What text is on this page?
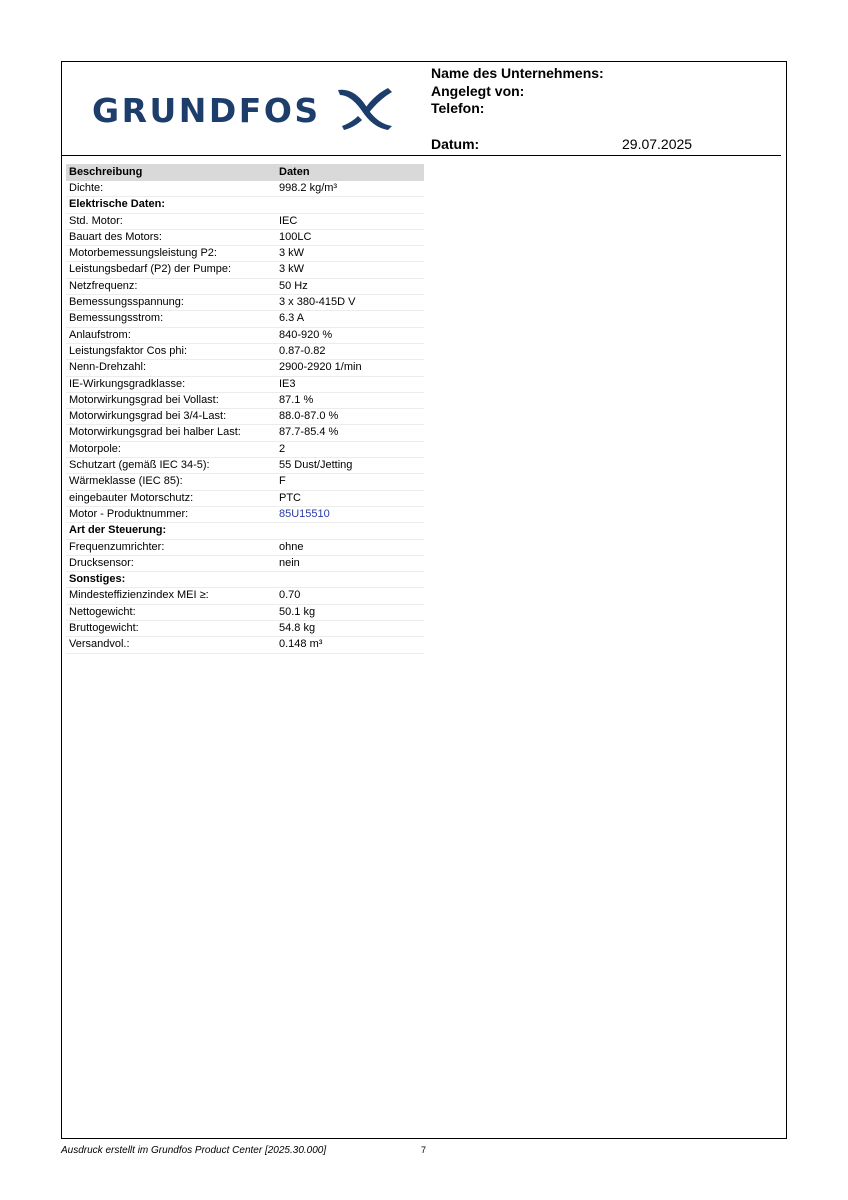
GRUNDFOS
Name des Unternehmens:
Angelegt von:
Telefon:
Datum:	29.07.2025
Beschreibung	Daten
Dichte:	998.2 kg/m³
Elektrische Daten:	
Std. Motor:	IEC
Bauart des Motors:	100LC
Motorbemessungsleistung P2:	3 kW
Leistungsbedarf (P2) der Pumpe:	3 kW
Netzfrequenz:	50 Hz
Bemessungsspannung:	3 x 380-415D V
Bemessungsstrom:	6.3 A
Anlaufstrom:	840-920 %
Leistungsfaktor Cos phi:	0.87-0.82
Nenn-Drehzahl:	2900-2920 1/min
IE-Wirkungsgradklasse:	IE3
Motorwirkungsgrad bei Vollast:	87.1 %
Motorwirkungsgrad bei 3/4-Last:	88.0-87.0 %
Motorwirkungsgrad bei halber Last:	87.7-85.4 %
Motorpole:	2
Schutzart (gemäß IEC 34-5):	55 Dust/Jetting
Wärmeklasse (IEC 85):	F
eingebauter Motorschutz:	PTC
Motor - Produktnummer:	85U15510
Art der Steuerung:	
Frequenzumrichter:	ohne
Drucksensor:	nein
Sonstiges:	
Mindesteffizienzindex MEI ≥:	0.70
Nettogewicht:	50.1 kg
Bruttogewicht:	54.8 kg
Versandvol.:	0.148 m³
Ausdruck erstellt im Grundfos Product Center [2025.30.000]	7
